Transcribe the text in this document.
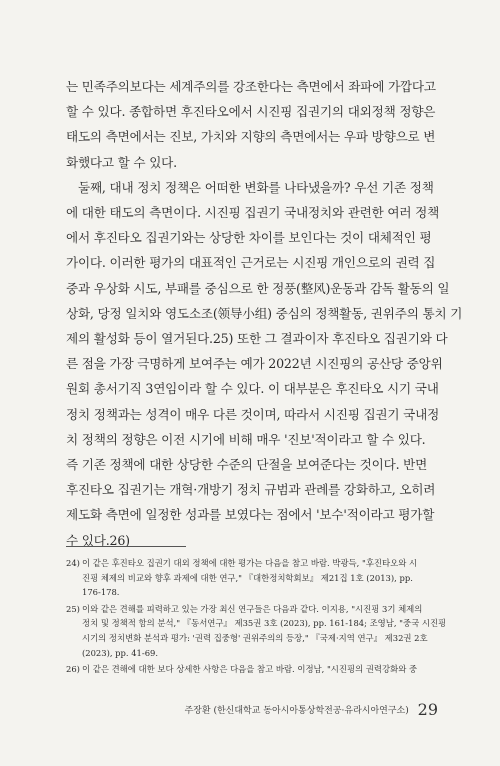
는 민족주의보다는 세계주의를 강조한다는 측면에서 좌파에 가깝다고
할 수 있다. 종합하면 후진타오에서 시진핑 집권기의 대외정책 정향은
태도의 측면에서는 진보, 가치와 지향의 측면에서는 우파 방향으로 변
화했다고 할 수 있다.

둘째, 대내 정치 정책은 어떠한 변화를 나타냈을까? 우선 기존 정책
에 대한 태도의 측면이다. 시진핑 집권기 국내정치와 관련한 여러 정책
에서 후진타오 집권기와는 상당한 차이를 보인다는 것이 대체적인 평
가이다. 이러한 평가의 대표적인 근거로는 시진핑 개인으로의 권력 집
중과 우상화 시도, 부패를 중심으로 한 정풍(整风)운동과 감독 활동의 일
상화, 당정 일치와 영도소조(领导小组) 중심의 정책활동, 권위주의 통치 기
제의 활성화 등이 열거된다.25) 또한 그 결과이자 후진타오 집권기와 다
른 점을 가장 극명하게 보여주는 예가 2022년 시진핑의 공산당 중앙위
원회 총서기직 3연임이라 할 수 있다. 이 대부분은 후진타오 시기 국내
정치 정책과는 성격이 매우 다른 것이며, 따라서 시진핑 집권기 국내정
치 정책의 정향은 이전 시기에 비해 매우 '진보'적이라고 할 수 있다.
즉 기존 정책에 대한 상당한 수준의 단절을 보여준다는 것이다. 반면
후진타오 집권기는 개혁·개방기 정치 규범과 관례를 강화하고, 오히려
제도화 측면에 일정한 성과를 보였다는 점에서 '보수'적이라고 평가할
수 있다.26)

24) 이 같은 후진타오 집권기 대외 정책에 대한 평가는 다음을 참고 바람. 박광득, "후진타오와 시
진핑 체제의 비교와 향후 과제에 대한 연구," 『대한정치학회보』 제21집 1호 (2013), pp.
176-178.
25) 이와 같은 견해를 피력하고 있는 가장 최신 연구들은 다음과 같다. 이지용, "시진핑 3기 체제의
정치 및 정책적 함의 분석," 『동서연구』 제35권 3호 (2023), pp. 161-184; 조영남, "중국 시진핑
시기의 정치변화 분석과 평가: '권력 집중형' 권위주의의 등장," 『국제·지역 연구』 제32권 2호
(2023), pp. 41-69.
26) 이 같은 견해에 대한 보다 상세한 사항은 다음을 참고 바람. 이정남, "시진핑의 권력강화와 중
주장환 (한신대학교 동아시아통상학전공·유라시아연구소) 29
